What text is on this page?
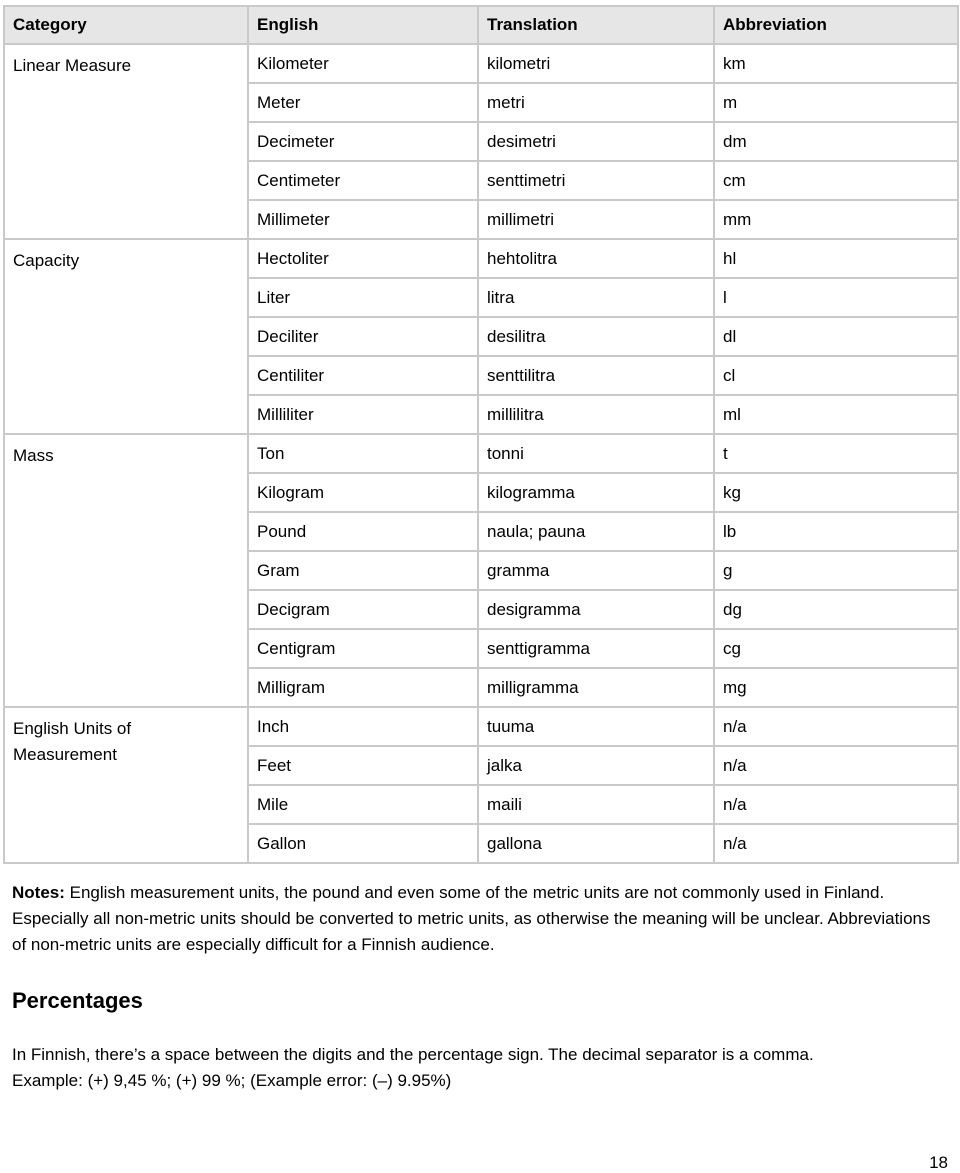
Category	English	Translation	Abbreviation
Linear Measure	Kilometer	kilometri	km
	Meter	metri	m
	Decimeter	desimetri	dm
	Centimeter	senttimetri	cm
	Millimeter	millimetri	mm
Capacity	Hectoliter	hehtolitra	hl
	Liter	litra	l
	Deciliter	desilitra	dl
	Centiliter	senttilitra	cl
	Milliliter	millilitra	ml
Mass	Ton	tonni	t
	Kilogram	kilogramma	kg
	Pound	naula; pauna	lb
	Gram	gramma	g
	Decigram	desigramma	dg
	Centigram	senttigramma	cg
	Milligram	milligramma	mg
English Units of Measurement	Inch	tuuma	n/a
	Feet	jalka	n/a
	Mile	maili	n/a
	Gallon	gallona	n/a

Notes: English measurement units, the pound and even some of the metric units are not commonly used in Finland. Especially all non-metric units should be converted to metric units, as otherwise the meaning will be unclear. Abbreviations of non-metric units are especially difficult for a Finnish audience.

Percentages
In Finnish, there’s a space between the digits and the percentage sign. The decimal separator is a comma.
Example: (+) 9,45 %; (+) 99 %; (Example error: (–) 9.95%)
18
